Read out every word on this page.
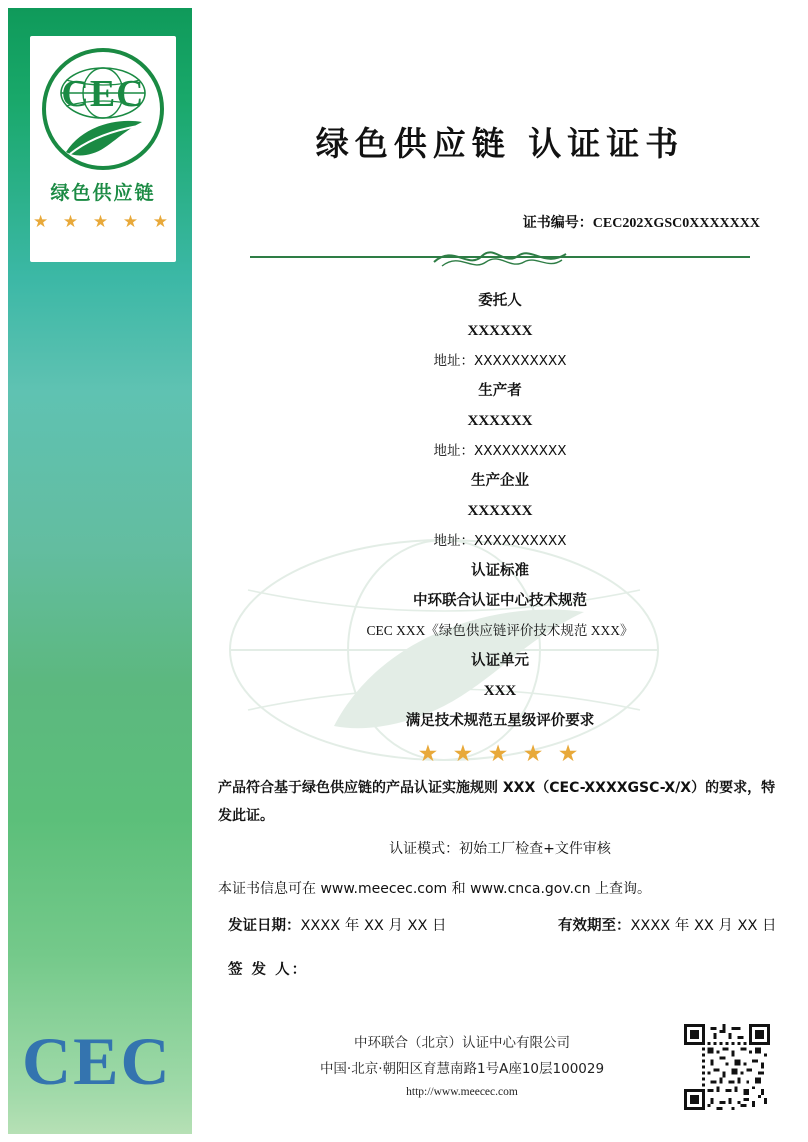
CEC
绿色供应链
★ ★ ★ ★ ★
CEC
绿色供应链 认证证书
证书编号：CEC202XGSC0XXXXXXX
委托人
XXXXXX
地址：XXXXXXXXXX
生产者
XXXXXX
地址：XXXXXXXXXX
生产企业
XXXXXX
地址：XXXXXXXXXX
认证标准
中环联合认证中心技术规范
CEC XXX《绿色供应链评价技术规范 XXX》
认证单元
XXX
满足技术规范五星级评价要求
★ ★ ★ ★ ★
产品符合基于绿色供应链的产品认证实施规则 XXX（CEC-XXXXGSC-X/X）的要求，特发此证。
认证模式：初始工厂检查+文件审核
本证书信息可在 www.meecec.com 和 www.cnca.gov.cn 上查询。
发证日期：XXXX 年 XX 月 XX 日	有效期至：XXXX 年 XX 月 XX 日
签 发 人：
中环联合（北京）认证中心有限公司
中国·北京·朝阳区育慧南路1号A座10层100029
http://www.meecec.com
